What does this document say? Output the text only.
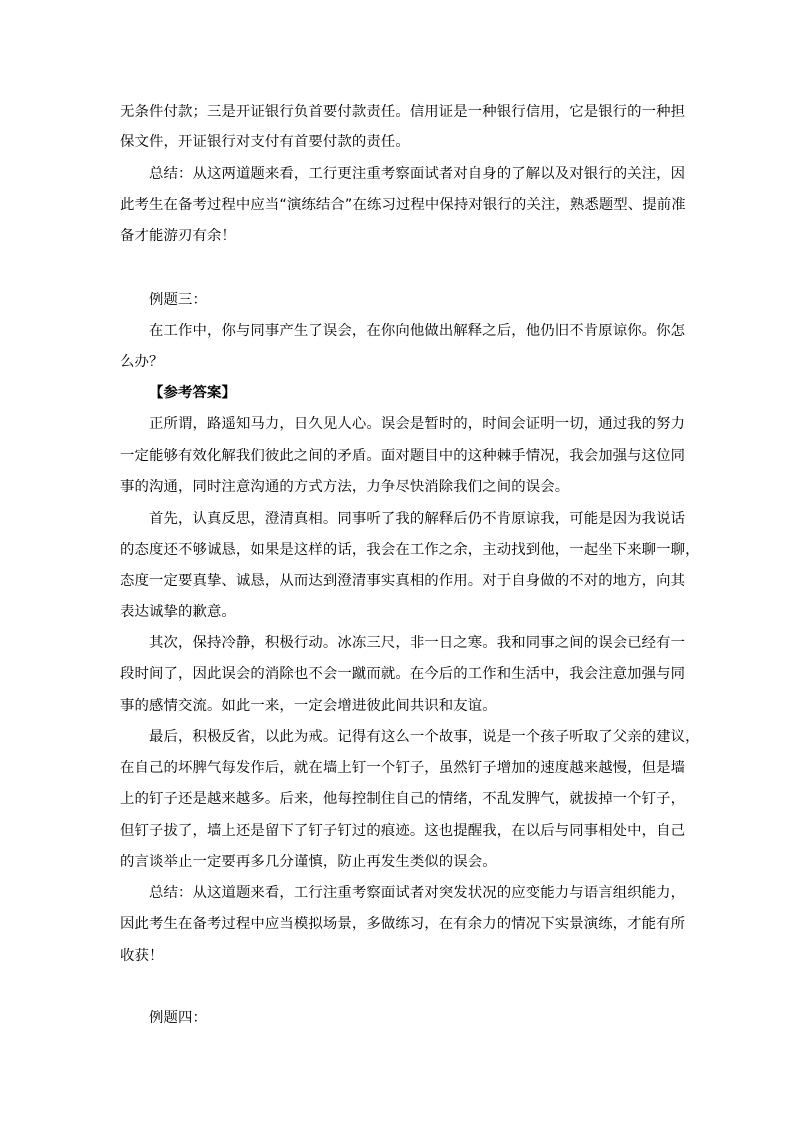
无条件付款；三是开证银行负首要付款责任。信用证是一种银行信用，它是银行的一种担
保文件，开证银行对支付有首要付款的责任。
总结：从这两道题来看，工行更注重考察面试者对自身的了解以及对银行的关注，因
此考生在备考过程中应当“演练结合”在练习过程中保持对银行的关注，熟悉题型、提前准
备才能游刃有余！
例题三：
在工作中，你与同事产生了误会，在你向他做出解释之后，他仍旧不肯原谅你。你怎
么办？
【参考答案】
正所谓，路遥知马力，日久见人心。误会是暂时的，时间会证明一切，通过我的努力
一定能够有效化解我们彼此之间的矛盾。面对题目中的这种棘手情况，我会加强与这位同
事的沟通，同时注意沟通的方式方法，力争尽快消除我们之间的误会。
首先，认真反思，澄清真相。同事听了我的解释后仍不肯原谅我，可能是因为我说话
的态度还不够诚恳，如果是这样的话，我会在工作之余，主动找到他，一起坐下来聊一聊，
态度一定要真挚、诚恳，从而达到澄清事实真相的作用。对于自身做的不对的地方，向其
表达诚挚的歉意。
其次，保持冷静，积极行动。冰冻三尺，非一日之寒。我和同事之间的误会已经有一
段时间了，因此误会的消除也不会一蹴而就。在今后的工作和生活中，我会注意加强与同
事的感情交流。如此一来，一定会增进彼此间共识和友谊。
最后，积极反省，以此为戒。记得有这么一个故事，说是一个孩子听取了父亲的建议，
在自己的坏脾气每发作后，就在墙上钉一个钉子，虽然钉子增加的速度越来越慢，但是墙
上的钉子还是越来越多。后来，他每控制住自己的情绪，不乱发脾气，就拔掉一个钉子，
但钉子拔了，墙上还是留下了钉子钉过的痕迹。这也提醒我，在以后与同事相处中，自己
的言谈举止一定要再多几分谨慎，防止再发生类似的误会。
总结：从这道题来看，工行注重考察面试者对突发状况的应变能力与语言组织能力，
因此考生在备考过程中应当模拟场景，多做练习，在有余力的情况下实景演练，才能有所
收获！
例题四：
